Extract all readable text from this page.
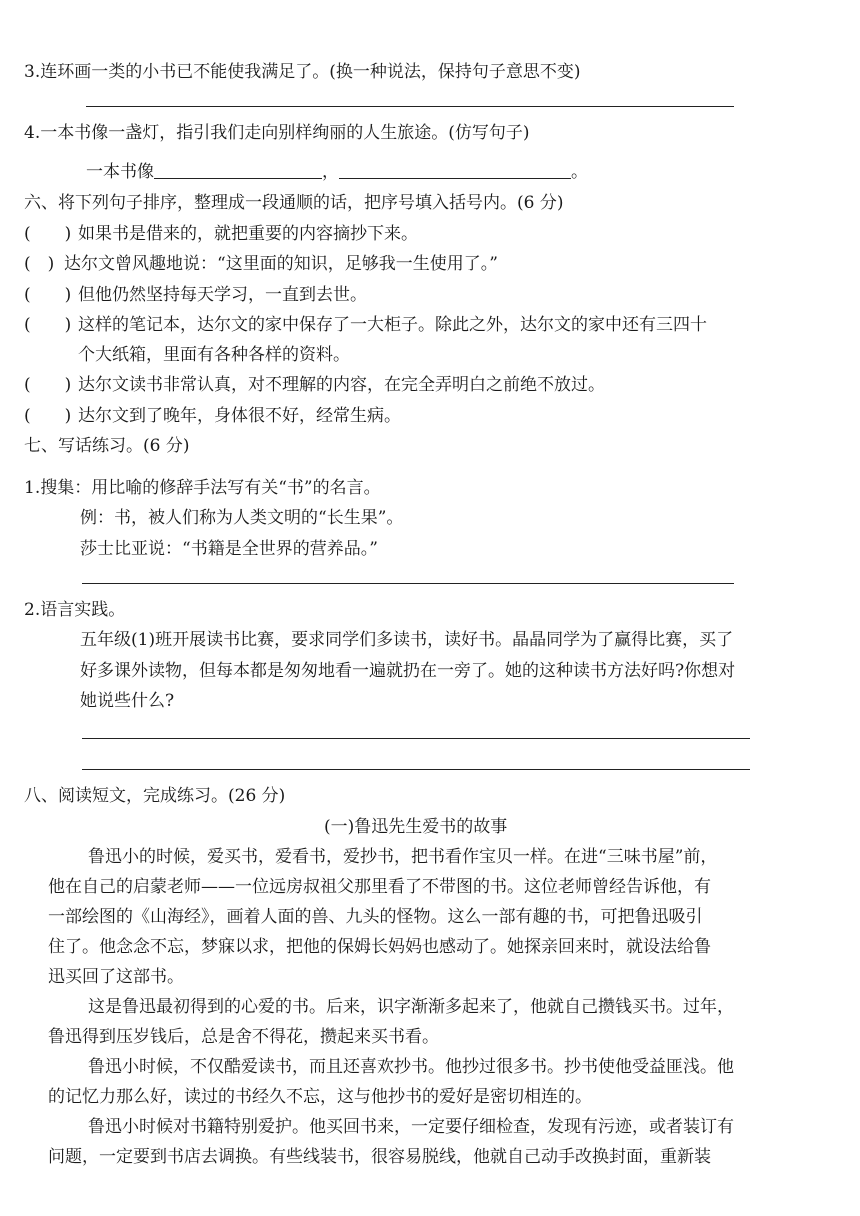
3.连环画一类的小书已不能使我满足了。(换一种说法，保持句子意思不变)
4.一本书像一盏灯，指引我们走向别样绚丽的人生旅途。(仿写句子)
一本书像	，	。
六、将下列句子排序，整理成一段通顺的话，把序号填入括号内。(6 分)
(　　) 如果书是借来的，就把重要的内容摘抄下来。
(　) 达尔文曾风趣地说：“这里面的知识，足够我一生使用了。”
(　　) 但他仍然坚持每天学习，一直到去世。
(　　) 这样的笔记本，达尔文的家中保存了一大柜子。除此之外，达尔文的家中还有三四十
个大纸箱，里面有各种各样的资料。
(　　) 达尔文读书非常认真，对不理解的内容，在完全弄明白之前绝不放过。
(　　) 达尔文到了晚年，身体很不好，经常生病。
七、写话练习。(6 分)
1.搜集：用比喻的修辞手法写有关“书”的名言。
例：书，被人们称为人类文明的“长生果”。
莎士比亚说：“书籍是全世界的营养品。”
2.语言实践。
五年级(1)班开展读书比赛，要求同学们多读书，读好书。晶晶同学为了赢得比赛，买了
好多课外读物，但每本都是匆匆地看一遍就扔在一旁了。她的这种读书方法好吗?你想对
她说些什么?
八、阅读短文，完成练习。(26 分)
(一)鲁迅先生爱书的故事
鲁迅小的时候，爱买书，爱看书，爱抄书，把书看作宝贝一样。在进“三味书屋”前，
他在自己的启蒙老师——一位远房叔祖父那里看了不带图的书。这位老师曾经告诉他，有
一部绘图的《山海经》，画着人面的兽、九头的怪物。这么一部有趣的书，可把鲁迅吸引
住了。他念念不忘，梦寐以求，把他的保姆长妈妈也感动了。她探亲回来时，就设法给鲁
迅买回了这部书。
这是鲁迅最初得到的心爱的书。后来，识字渐渐多起来了，他就自己攒钱买书。过年，
鲁迅得到压岁钱后，总是舍不得花，攒起来买书看。
鲁迅小时候，不仅酷爱读书，而且还喜欢抄书。他抄过很多书。抄书使他受益匪浅。他
的记忆力那么好，读过的书经久不忘，这与他抄书的爱好是密切相连的。
鲁迅小时候对书籍特别爱护。他买回书来，一定要仔细检查，发现有污迹，或者装订有
问题，一定要到书店去调换。有些线装书，很容易脱线，他就自己动手改换封面，重新装
